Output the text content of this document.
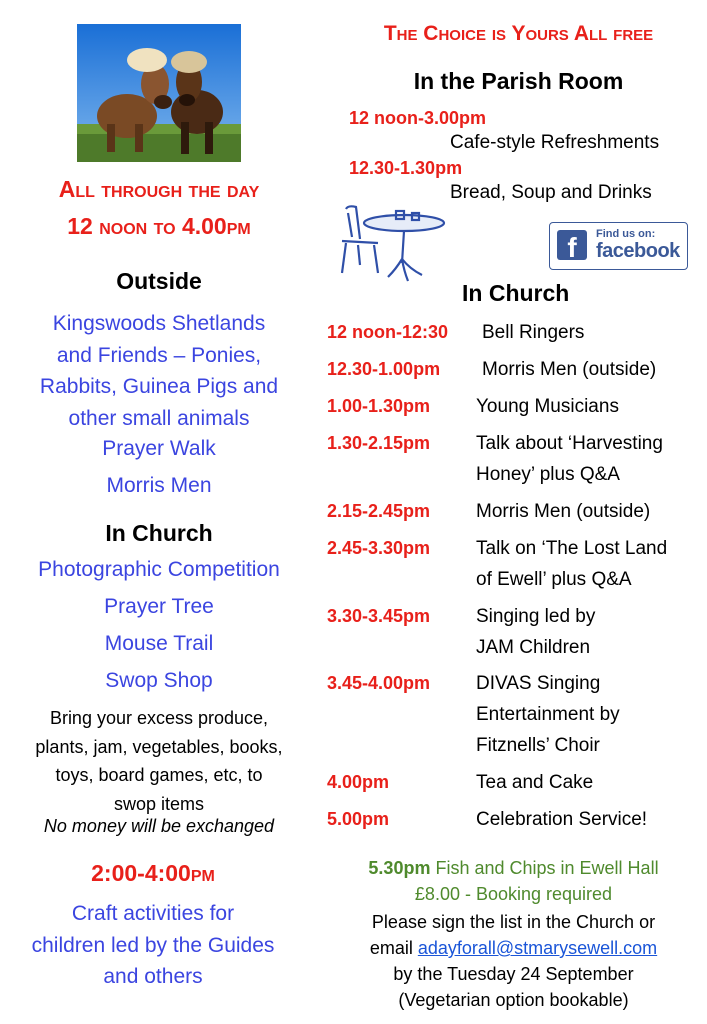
All through the day
12 noon to 4.00pm
Outside
Kingswoods Shetlands
and Friends – Ponies,
Rabbits, Guinea Pigs and
other small animals
Prayer Walk
Morris Men
In Church
Photographic Competition
Prayer Tree
Mouse Trail
Swop Shop
Bring your excess produce,
plants, jam, vegetables, books,
toys, board games, etc, to
swop items
No money will be exchanged
2:00-4:00pm
Craft activities for
children led by the Guides
and others
The Choice is Yours All free
In the Parish Room
12 noon-3.00pm
Cafe-style Refreshments
12.30-1.30pm
Bread, Soup and Drinks
f	Find us on:
facebook
In Church
12 noon-12:30 Bell Ringers
12.30-1.00pm Morris Men (outside)
1.00-1.30pm Young Musicians
1.30-2.15pm Talk about ‘Harvesting
Honey’ plus Q&A
2.15-2.45pm Morris Men (outside)
2.45-3.30pm Talk on ‘The Lost Land
of Ewell’ plus Q&A
3.30-3.45pm Singing led by
JAM Children
3.45-4.00pm DIVAS Singing
Entertainment by
Fitznells’ Choir
4.00pm	Tea and Cake
5.00pm	Celebration Service!
5.30pm Fish and Chips in Ewell Hall
£8.00 - Booking required
Please sign the list in the Church or
email adayforall@stmarysewell.com
by the Tuesday 24 September
(Vegetarian option bookable)
